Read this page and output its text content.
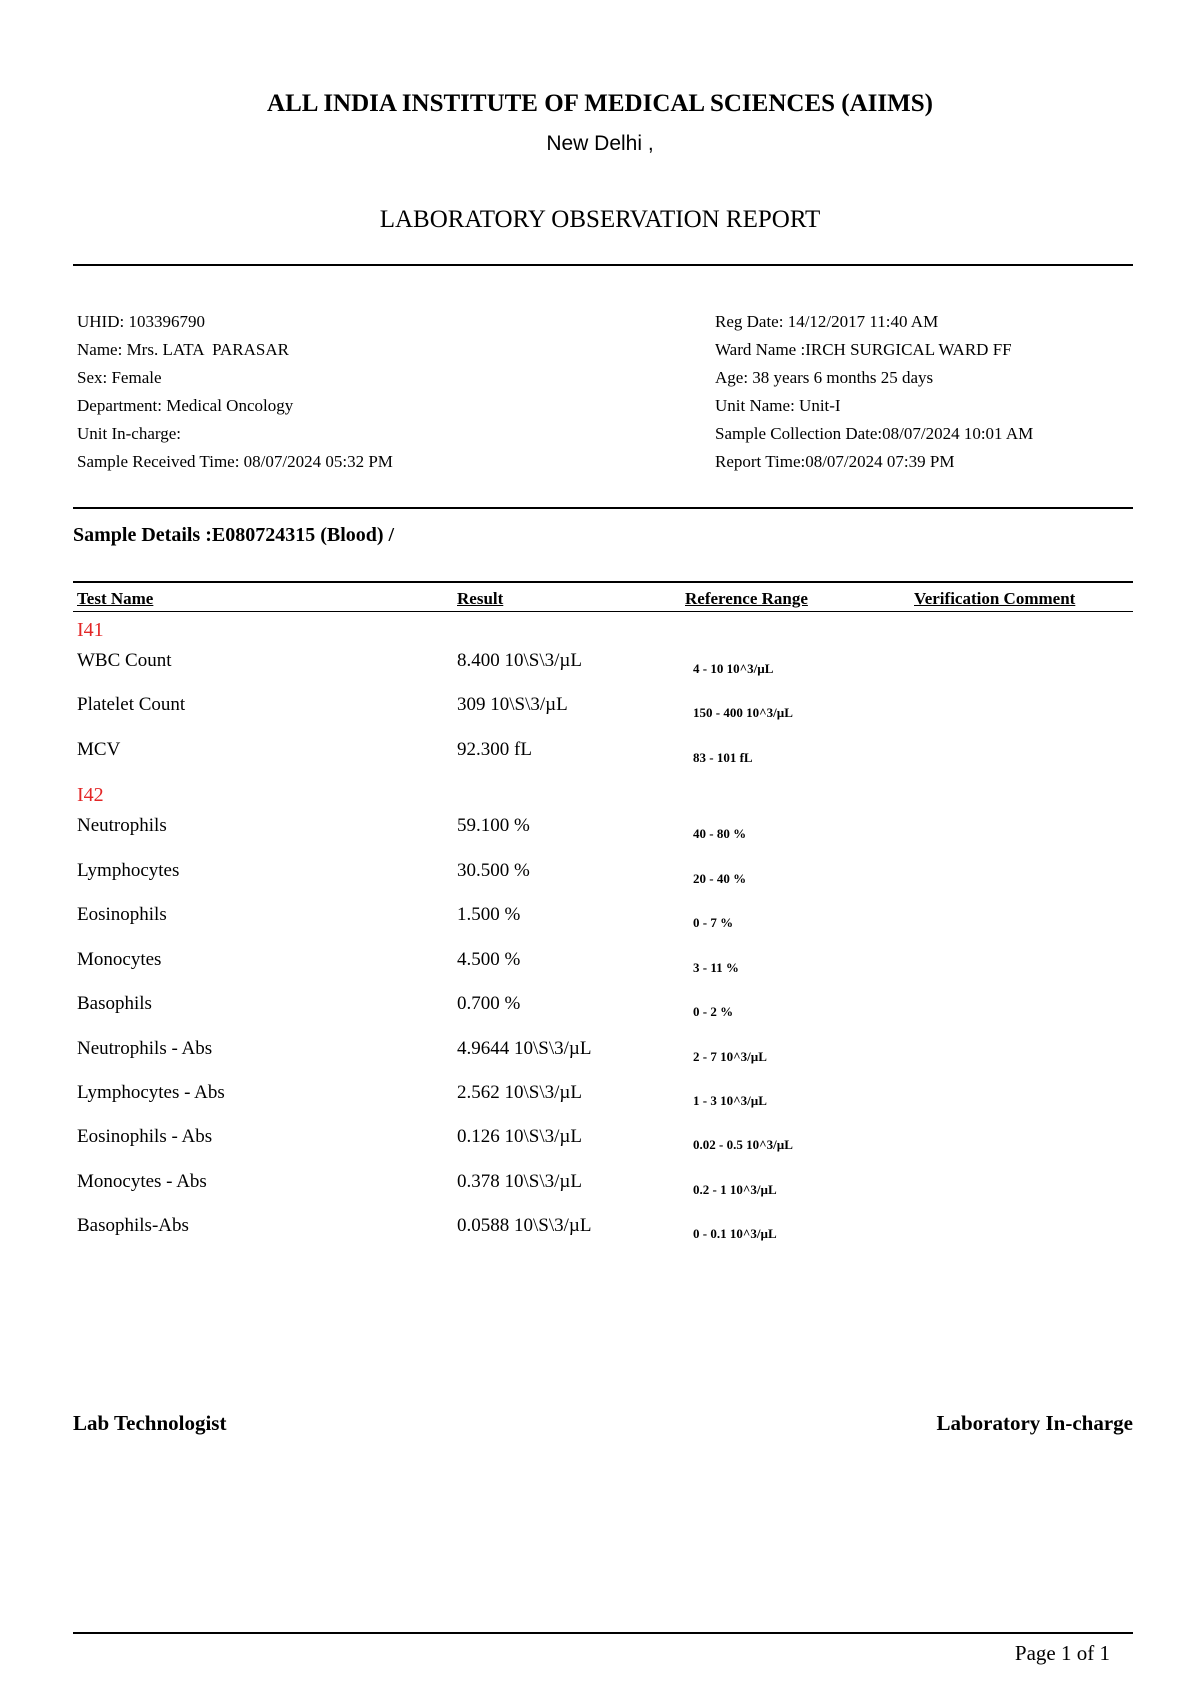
ALL INDIA INSTITUTE OF MEDICAL SCIENCES (AIIMS)
New Delhi ,
LABORATORY OBSERVATION REPORT
UHID: 103396790
Name: Mrs. LATA  PARASAR
Sex: Female
Department: Medical Oncology
Unit In-charge:
Sample Received Time: 08/07/2024 05:32 PM
Reg Date: 14/12/2017 11:40 AM
Ward Name :IRCH SURGICAL WARD FF
Age: 38 years 6 months 25 days
Unit Name: Unit-I
Sample Collection Date:08/07/2024 10:01 AM
Report Time:08/07/2024 07:39 PM
Sample Details :E080724315 (Blood) /
Test Name	Result	Reference Range	Verification Comment
I41
WBC Count	8.400 10\S\3/µL	4 - 10 10^3/µL
Platelet Count	309 10\S\3/µL	150 - 400 10^3/µL
MCV	92.300 fL	83 - 101 fL
I42
Neutrophils	59.100 %	40 - 80 %
Lymphocytes	30.500 %	20 - 40 %
Eosinophils	1.500 %	0 - 7 %
Monocytes	4.500 %	3 - 11 %
Basophils	0.700 %	0 - 2 %
Neutrophils - Abs	4.9644 10\S\3/µL	2 - 7 10^3/µL
Lymphocytes - Abs	2.562 10\S\3/µL	1 - 3 10^3/µL
Eosinophils - Abs	0.126 10\S\3/µL	0.02 - 0.5 10^3/µL
Monocytes - Abs	0.378 10\S\3/µL	0.2 - 1 10^3/µL
Basophils-Abs	0.0588 10\S\3/µL	0 - 0.1 10^3/µL
Lab Technologist	Laboratory In-charge
Page 1 of 1
